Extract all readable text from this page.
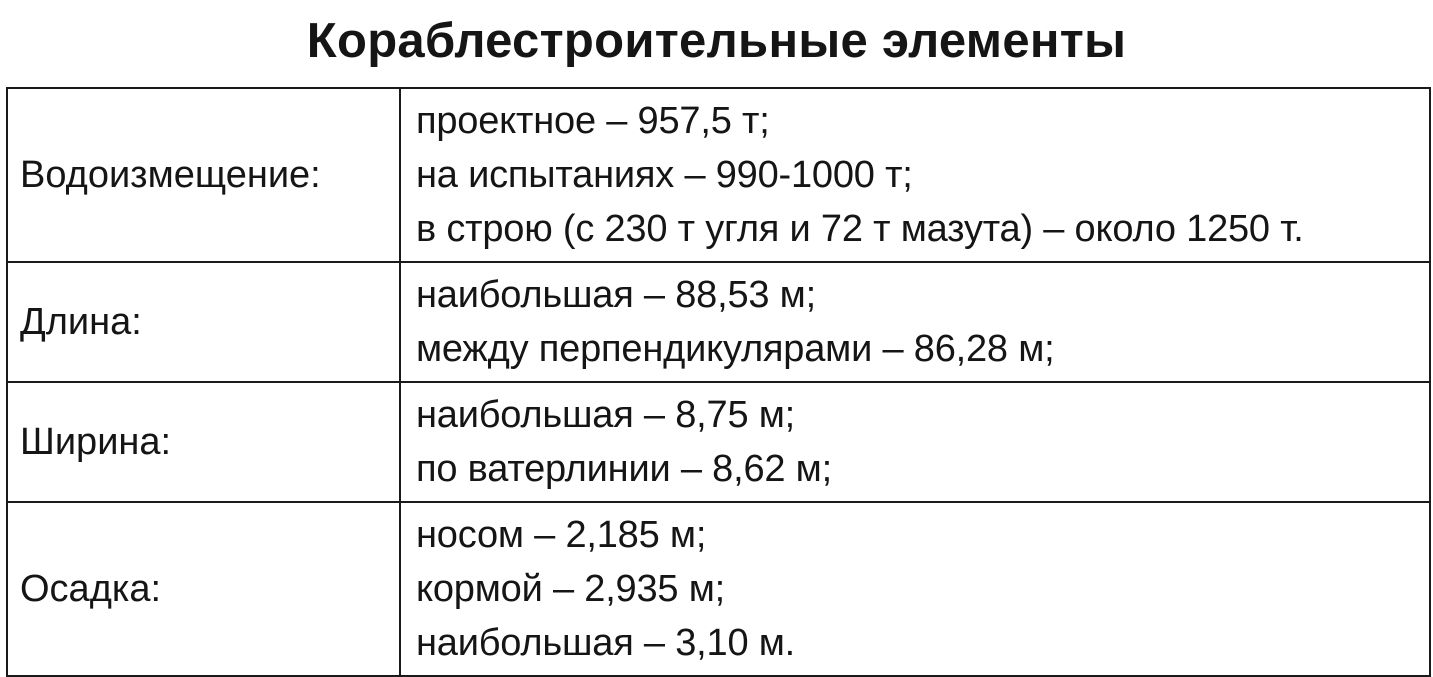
Кораблестроительные элементы
Водоизмещение:	проектное – 957,5 т;
на испытаниях – 990-1000 т;
в строю (с 230 т угля и 72 т мазута) – около 1250 т.

Длина:	наибольшая – 88,53 м;
между перпендикулярами – 86,28 м;

Ширина:	наибольшая – 8,75 м;
по ватерлинии – 8,62 м;

Осадка:	носом – 2,185 м;
кормой – 2,935 м;
наибольшая – 3,10 м.
